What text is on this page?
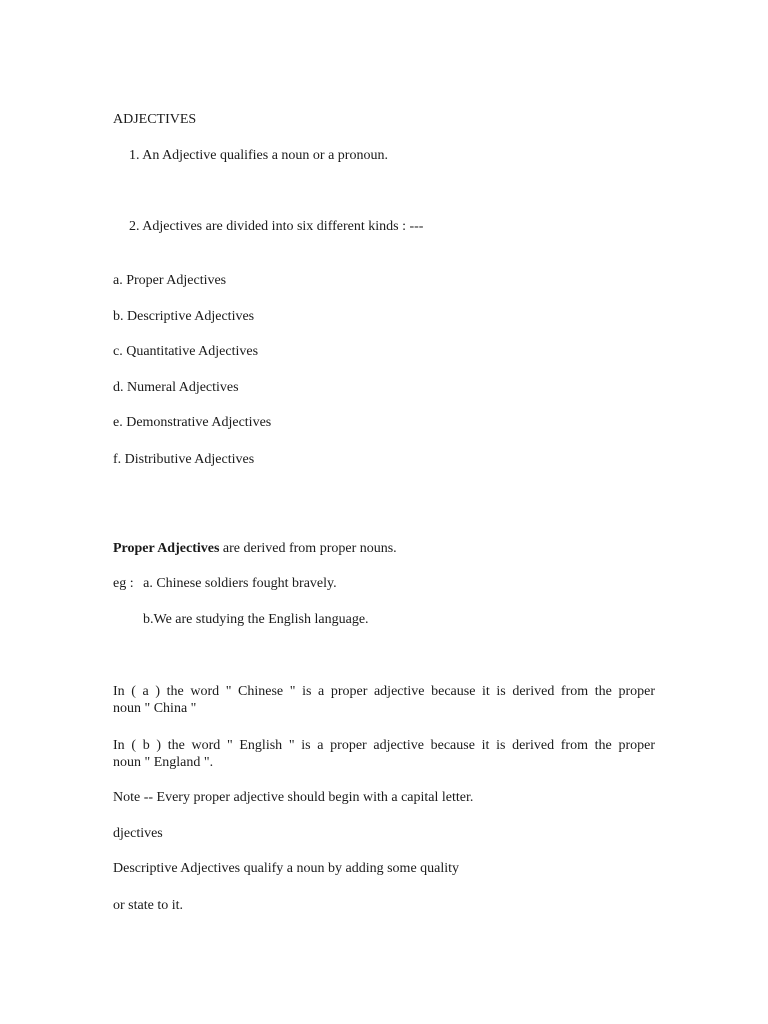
ADJECTIVES
1. An Adjective qualifies a noun or a pronoun.
2. Adjectives are divided into six different kinds : ---
a. Proper Adjectives
b. Descriptive Adjectives
c. Quantitative Adjectives
d. Numeral Adjectives
e. Demonstrative Adjectives
f. Distributive Adjectives
Proper Adjectives are derived from proper nouns.
eg : a. Chinese soldiers fought bravely.
b.We are studying the English language.
In ( a ) the word " Chinese " is a proper adjective because it is derived from the proper
noun " China "
In ( b ) the word " English " is a proper adjective because it is derived from the proper
noun " England ".
Note -- Every proper adjective should begin with a capital letter.
djectives
Descriptive Adjectives qualify a noun by adding some quality
or state to it.
